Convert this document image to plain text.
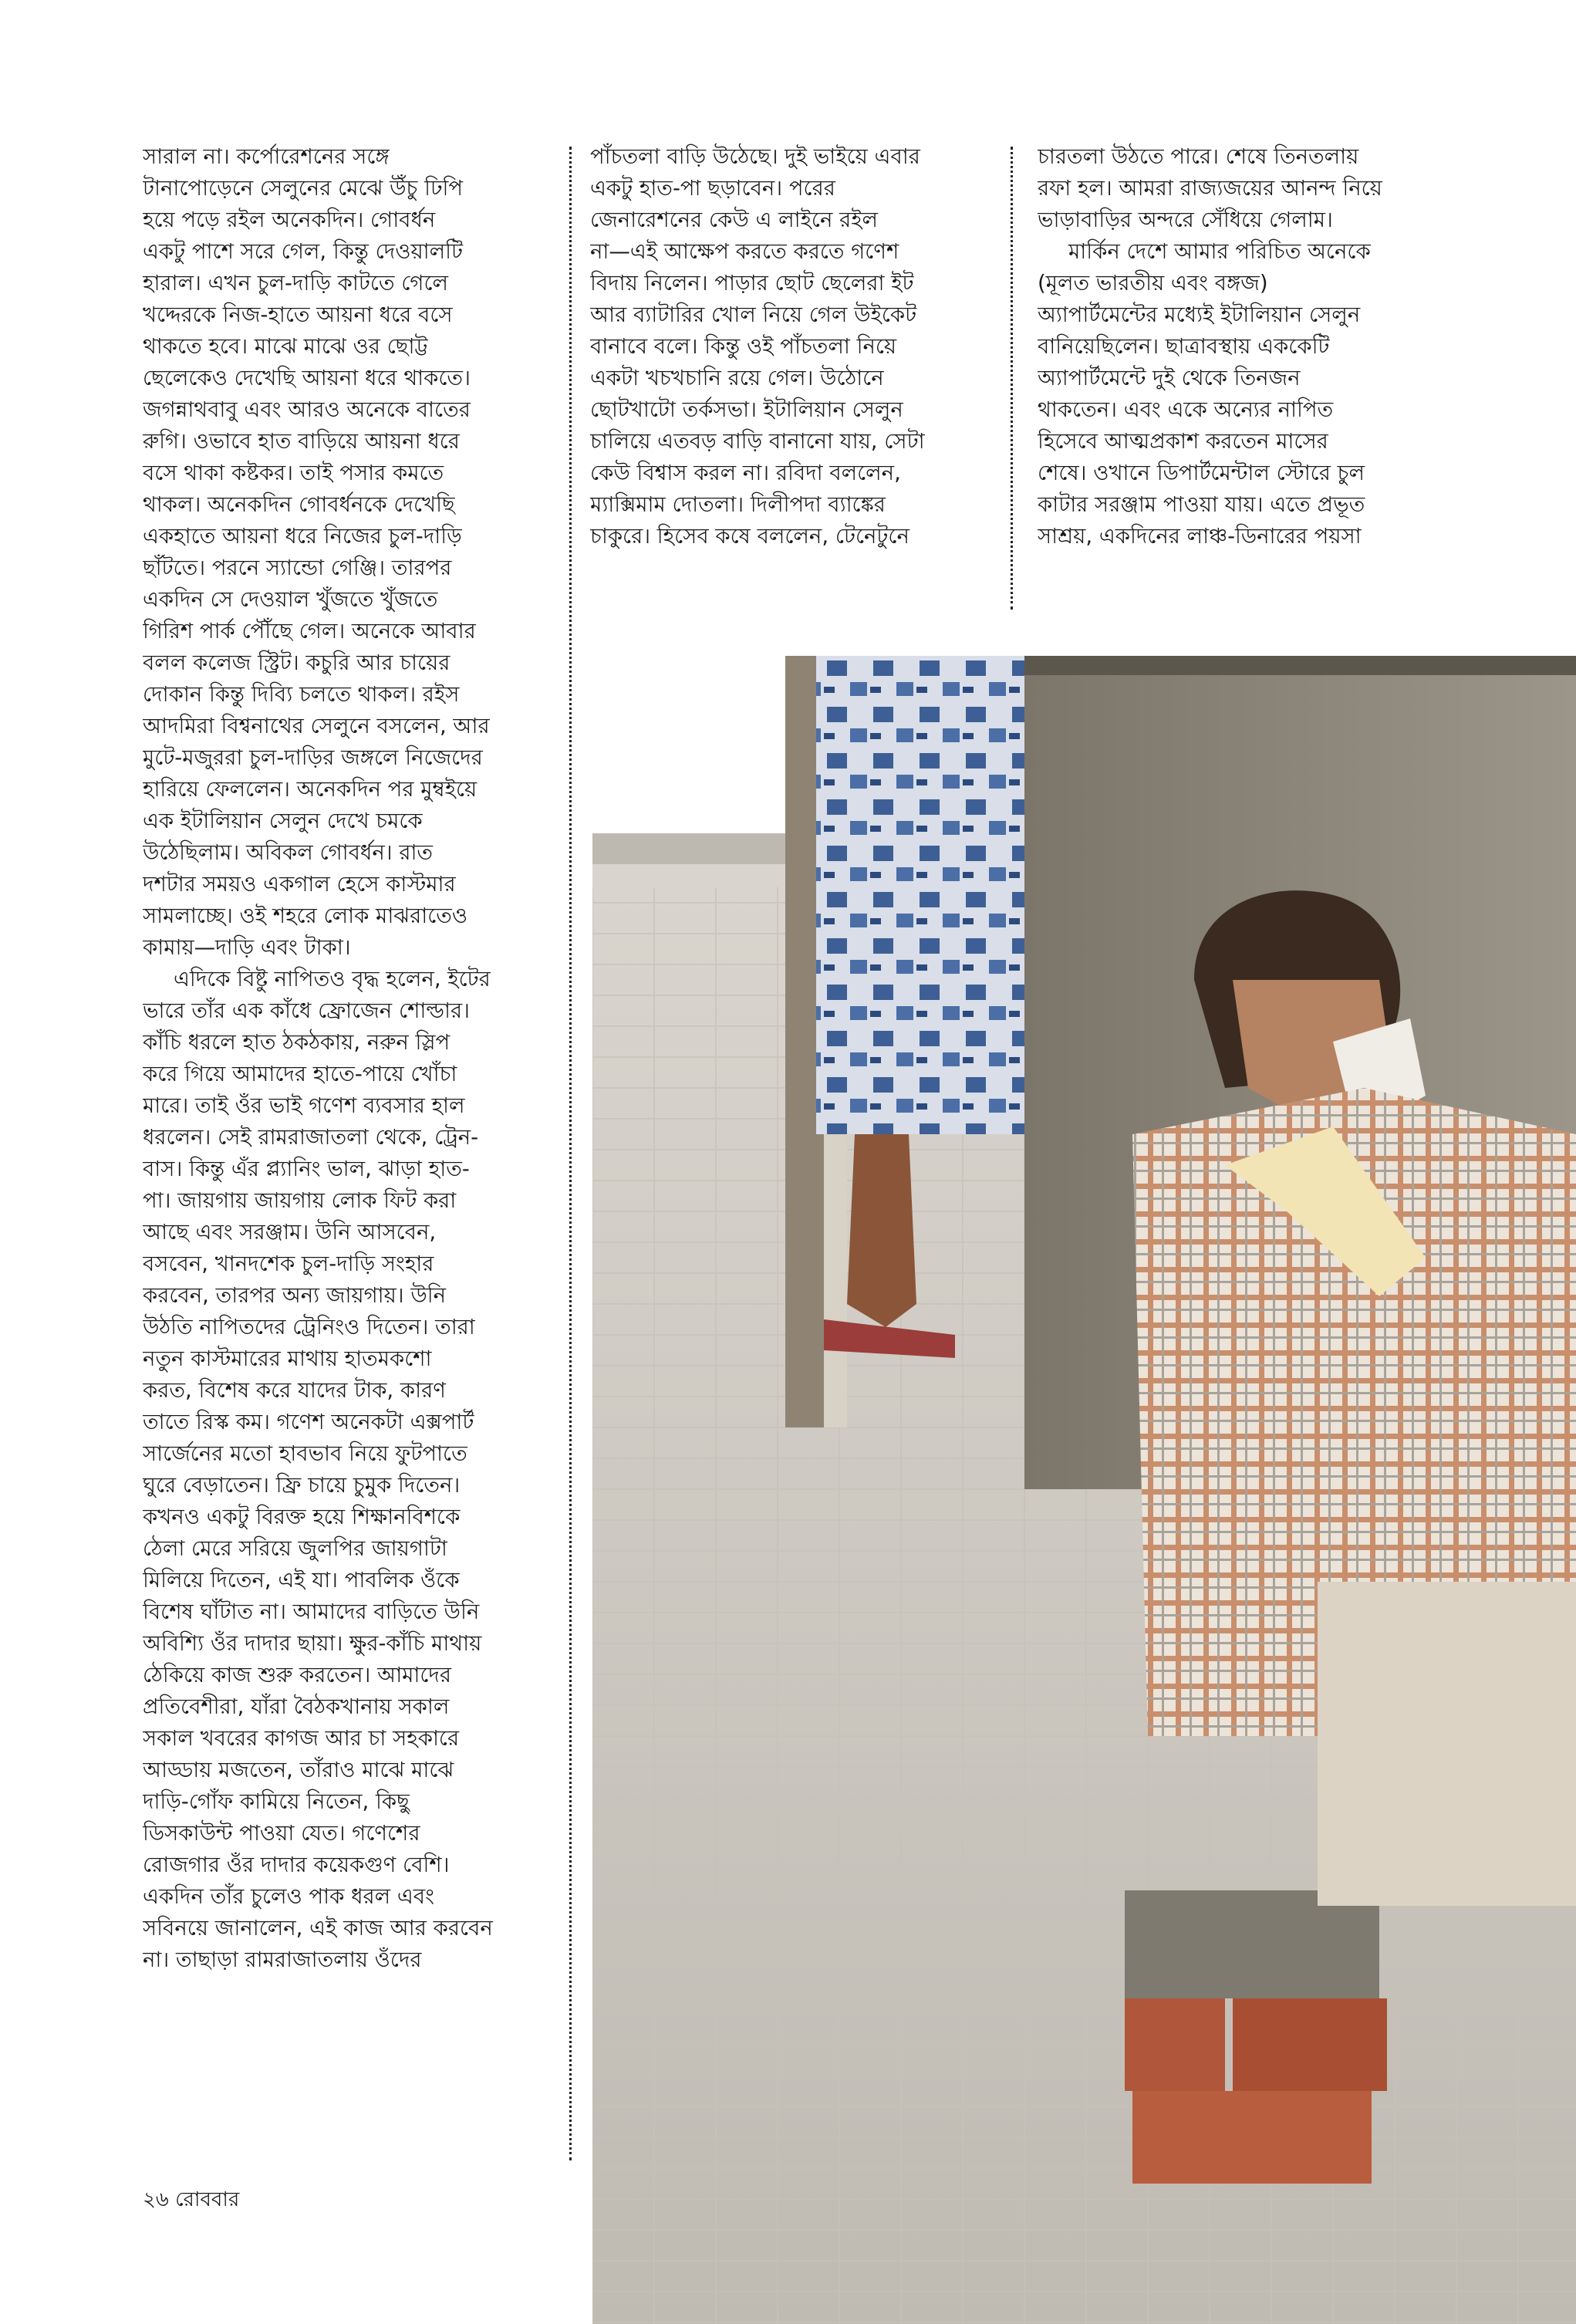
সারাল না। কর্পোরেশনের সঙ্গে
টানাপোড়েনে সেলুনের মেঝে উঁচু ঢিপি
হয়ে পড়ে রইল অনেকদিন। গোবর্ধন
একটু পাশে সরে গেল, কিন্তু দেওয়ালটি
হারাল। এখন চুল-দাড়ি কাটতে গেলে
খদ্দেরকে নিজ-হাতে আয়না ধরে বসে
থাকতে হবে। মাঝে মাঝে ওর ছোট্ট
ছেলেকেও দেখেছি আয়না ধরে থাকতে।
জগন্নাথবাবু এবং আরও অনেকে বাতের
রুগি। ওভাবে হাত বাড়িয়ে আয়না ধরে
বসে থাকা কষ্টকর। তাই পসার কমতে
থাকল। অনেকদিন গোবর্ধনকে দেখেছি
একহাতে আয়না ধরে নিজের চুল-দাড়ি
ছাঁটতে। পরনে স্যান্ডো গেঞ্জি। তারপর
একদিন সে দেওয়াল খুঁজতে খুঁজতে
গিরিশ পার্ক পৌঁছে গেল। অনেকে আবার
বলল কলেজ স্ট্রিট। কচুরি আর চায়ের
দোকান কিন্তু দিব্যি চলতে থাকল। রইস
আদমিরা বিশ্বনাথের সেলুনে বসলেন, আর
মুটে-মজুররা চুল-দাড়ির জঙ্গলে নিজেদের
হারিয়ে ফেললেন। অনেকদিন পর মুম্বইয়ে
এক ইটালিয়ান সেলুন দেখে চমকে
উঠেছিলাম। অবিকল গোবর্ধন। রাত
দশটার সময়ও একগাল হেসে কাস্টমার
সামলাচ্ছে। ওই শহরে লোক মাঝরাতেও
কামায়—দাড়ি এবং টাকা।
এদিকে বিষ্টু নাপিতও বৃদ্ধ হলেন, ইটের
ভারে তাঁর এক কাঁধে ফ্রোজেন শোল্ডার।
কাঁচি ধরলে হাত ঠকঠকায়, নরুন স্লিপ
করে গিয়ে আমাদের হাতে-পায়ে খোঁচা
মারে। তাই ওঁর ভাই গণেশ ব্যবসার হাল
ধরলেন। সেই রামরাজাতলা থেকে, ট্রেন-
বাস। কিন্তু এঁর প্ল্যানিং ভাল, ঝাড়া হাত-
পা। জায়গায় জায়গায় লোক ফিট করা
আছে এবং সরঞ্জাম। উনি আসবেন,
বসবেন, খানদশেক চুল-দাড়ি সংহার
করবেন, তারপর অন্য জায়গায়। উনি
উঠতি নাপিতদের ট্রেনিংও দিতেন। তারা
নতুন কাস্টমারের মাথায় হাতমকশো
করত, বিশেষ করে যাদের টাক, কারণ
তাতে রিস্ক কম। গণেশ অনেকটা এক্সপার্ট
সার্জেনের মতো হাবভাব নিয়ে ফুটপাতে
ঘুরে বেড়াতেন। ফ্রি চায়ে চুমুক দিতেন।
কখনও একটু বিরক্ত হয়ে শিক্ষানবিশকে
ঠেলা মেরে সরিয়ে জুলপির জায়গাটা
মিলিয়ে দিতেন, এই যা। পাবলিক ওঁকে
বিশেষ ঘাঁটাত না। আমাদের বাড়িতে উনি
অবিশ্যি ওঁর দাদার ছায়া। ক্ষুর-কাঁচি মাথায়
ঠেকিয়ে কাজ শুরু করতেন। আমাদের
প্রতিবেশীরা, যাঁরা বৈঠকখানায় সকাল
সকাল খবরের কাগজ আর চা সহকারে
আড্ডায় মজতেন, তাঁরাও মাঝে মাঝে
দাড়ি-গোঁফ কামিয়ে নিতেন, কিছু
ডিসকাউন্ট পাওয়া যেত। গণেশের
রোজগার ওঁর দাদার কয়েকগুণ বেশি।
একদিন তাঁর চুলেও পাক ধরল এবং
সবিনয়ে জানালেন, এই কাজ আর করবেন
না। তাছাড়া রামরাজাতলায় ওঁদের
পাঁচতলা বাড়ি উঠেছে। দুই ভাইয়ে এবার
একটু হাত-পা ছড়াবেন। পরের
জেনারেশনের কেউ এ লাইনে রইল
না—এই আক্ষেপ করতে করতে গণেশ
বিদায় নিলেন। পাড়ার ছোট ছেলেরা ইট
আর ব্যাটারির খোল নিয়ে গেল উইকেট
বানাবে বলে। কিন্তু ওই পাঁচতলা নিয়ে
একটা খচখচানি রয়ে গেল। উঠোনে
ছোটখাটো তর্কসভা। ইটালিয়ান সেলুন
চালিয়ে এতবড় বাড়ি বানানো যায়, সেটা
কেউ বিশ্বাস করল না। রবিদা বললেন,
ম্যাক্সিমাম দোতলা। দিলীপদা ব্যাঙ্কের
চাকুরে। হিসেব কষে বললেন, টেনেটুনে
চারতলা উঠতে পারে। শেষে তিনতলায়
রফা হল। আমরা রাজ্যজয়ের আনন্দ নিয়ে
ভাড়াবাড়ির অন্দরে সেঁধিয়ে গেলাম।
মার্কিন দেশে আমার পরিচিত অনেকে
(মূলত ভারতীয় এবং বঙ্গজ)
অ্যাপার্টমেন্টের মধ্যেই ইটালিয়ান সেলুন
বানিয়েছিলেন। ছাত্রাবস্থায় এককেটি
অ্যাপার্টমেন্টে দুই থেকে তিনজন
থাকতেন। এবং একে অন্যের নাপিত
হিসেবে আত্মপ্রকাশ করতেন মাসের
শেষে। ওখানে ডিপার্টমেন্টাল স্টোরে চুল
কাটার সরঞ্জাম পাওয়া যায়। এতে প্রভূত
সাশ্রয়, একদিনের লাঞ্চ-ডিনারের পয়সা
২৬ রোববার
